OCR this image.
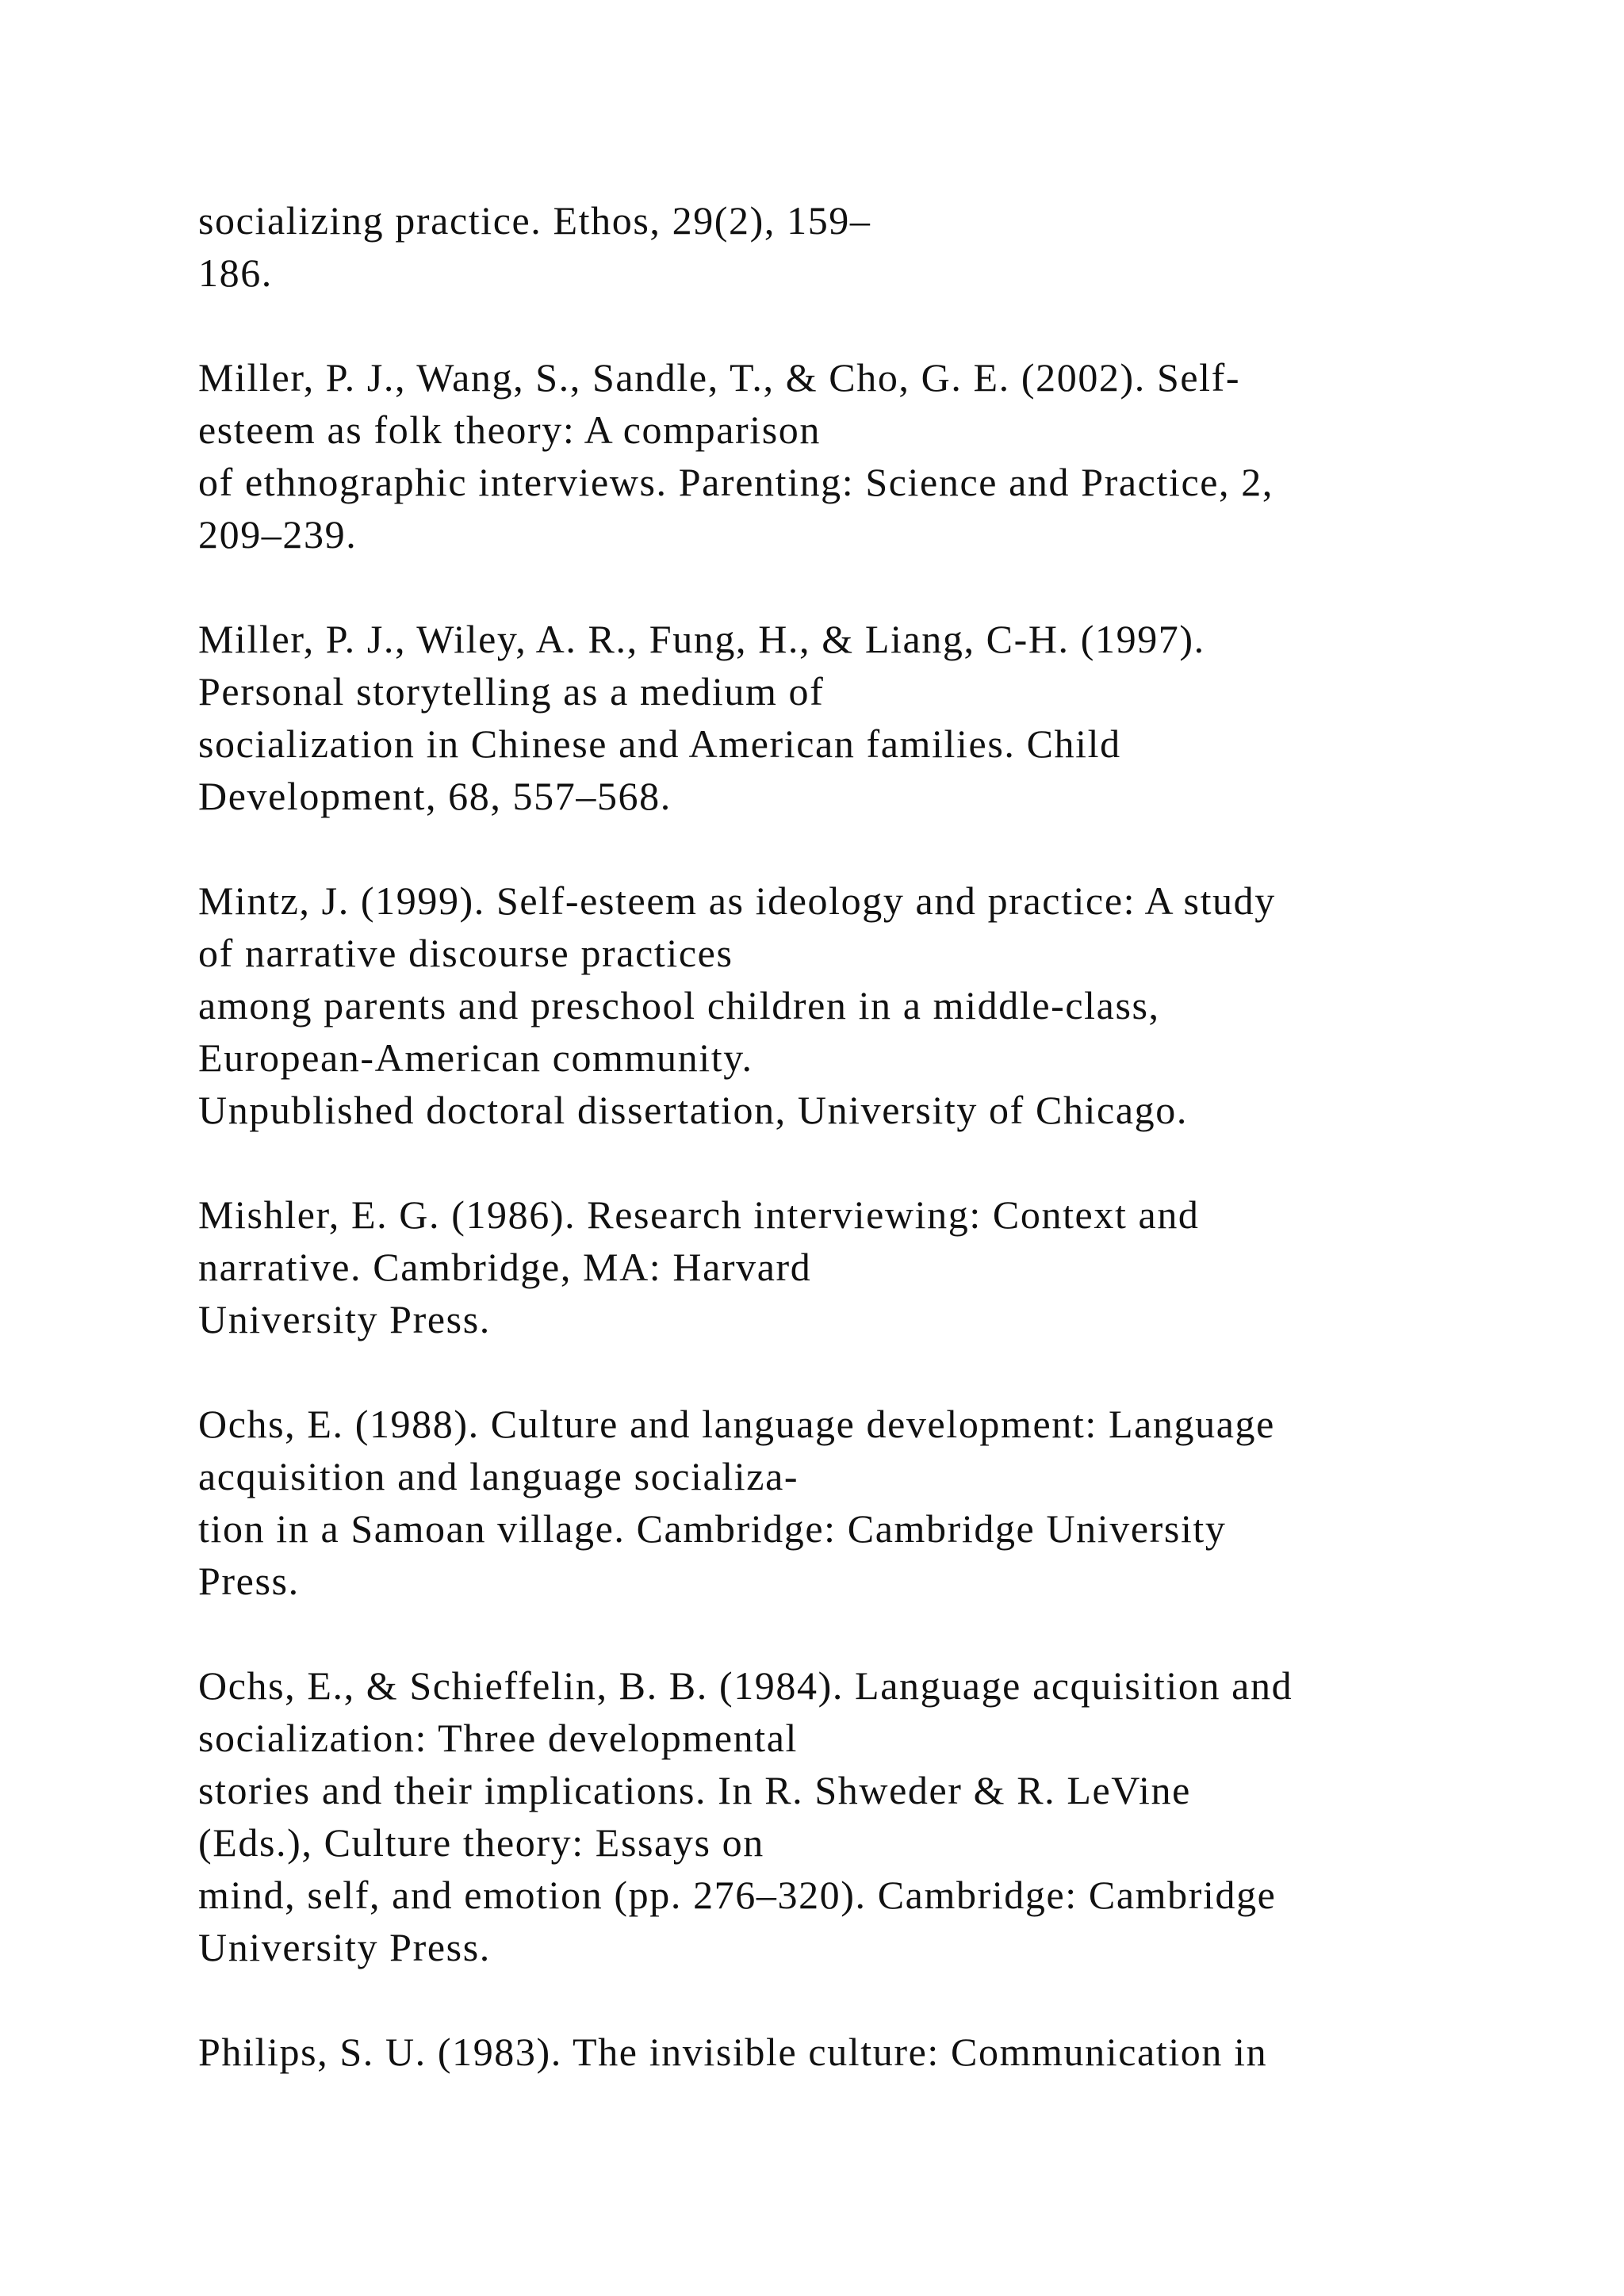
socializing practice. Ethos, 29(2), 159–
186.
Miller, P. J., Wang, S., Sandle, T., & Cho, G. E. (2002). Self-
esteem as folk theory: A comparison
of ethnographic interviews. Parenting: Science and Practice, 2,
209–239.
Miller, P. J., Wiley, A. R., Fung, H., & Liang, C-H. (1997).
Personal storytelling as a medium of
socialization in Chinese and American families. Child
Development, 68, 557–568.
Mintz, J. (1999). Self-esteem as ideology and practice: A study
of narrative discourse practices
among parents and preschool children in a middle-class,
European-American community.
Unpublished doctoral dissertation, University of Chicago.
Mishler, E. G. (1986). Research interviewing: Context and
narrative. Cambridge, MA: Harvard
University Press.
Ochs, E. (1988). Culture and language development: Language
acquisition and language socializa-
tion in a Samoan village. Cambridge: Cambridge University
Press.
Ochs, E., & Schieffelin, B. B. (1984). Language acquisition and
socialization: Three developmental
stories and their implications. In R. Shweder & R. LeVine
(Eds.), Culture theory: Essays on
mind, self, and emotion (pp. 276–320). Cambridge: Cambridge
University Press.
Philips, S. U. (1983). The invisible culture: Communication in
